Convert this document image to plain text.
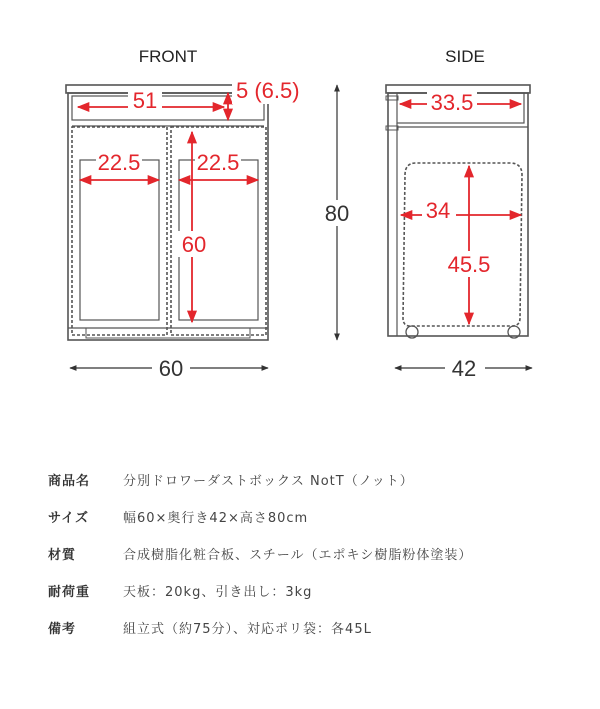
FRONT
51	5 (6.5)
22.5	22.5
60
80
60
SIDE
33.5
34
45.5
42
商品名	分別ドロワーダストボックス NotT（ノット）
サイズ	幅60×奥行き42×高さ80cm
材質	合成樹脂化粧合板、スチール（エポキシ樹脂粉体塗装）
耐荷重	天板：20kg、引き出し：3kg
備考	組立式（約75分）、対応ポリ袋：各45L
